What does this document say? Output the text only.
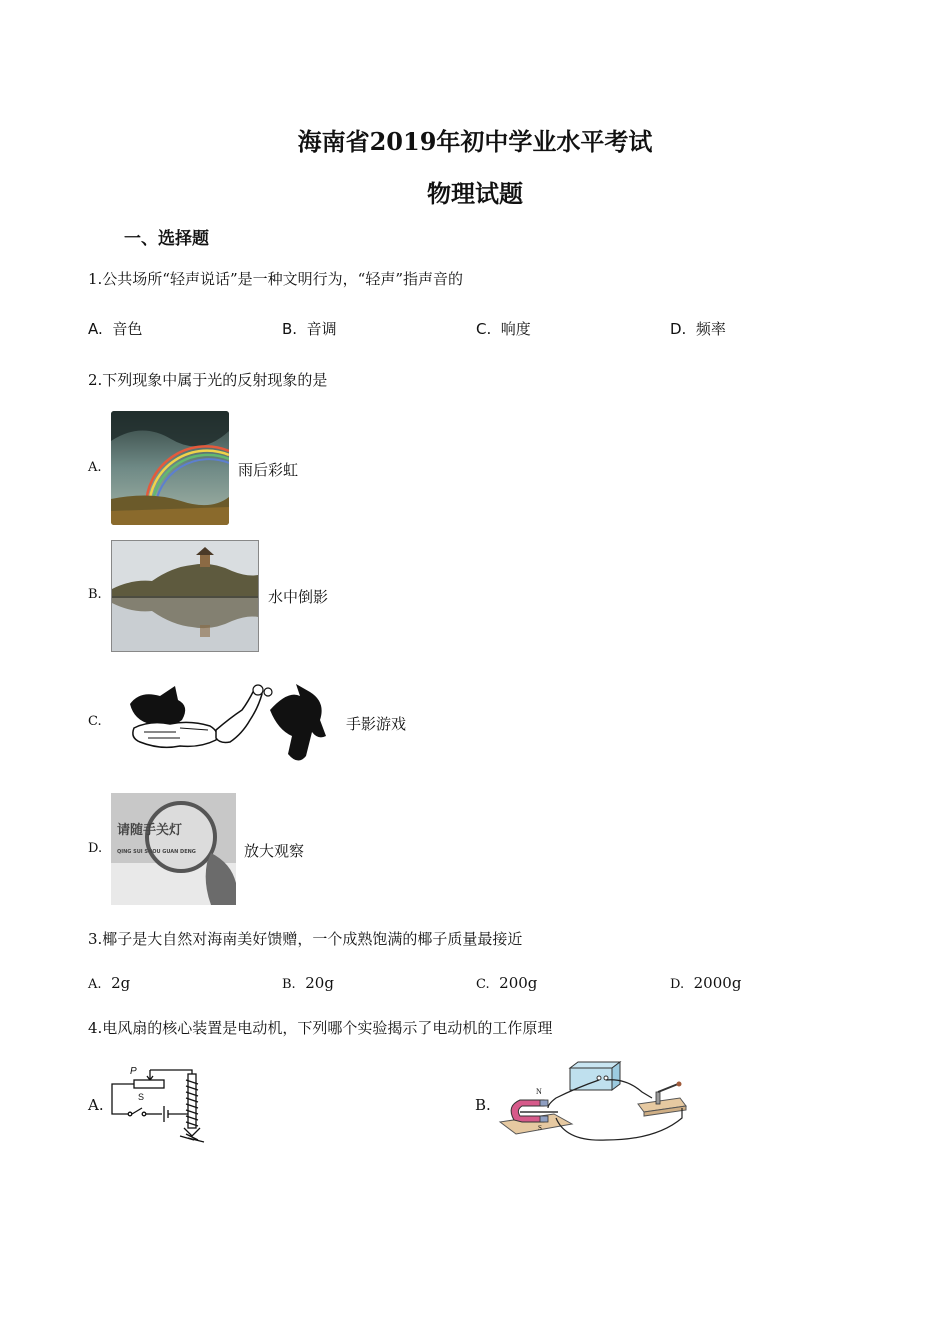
海南省2019年初中学业水平考试
物理试题
一、选择题
1.公共场所“轻声说话”是一种文明行为，“轻声”指声音的
A. 音色	B. 音调	C. 响度	D. 频率
2.下列现象中属于光的反射现象的是
A.	雨后彩虹
B.	水中倒影
C.	手影游戏
D.
请随手关灯
QING SUI SHOU GUAN DENG	放大观察
3.椰子是大自然对海南美好馈赠，一个成熟饱满的椰子质量最接近
A. 2g	B. 20g	C. 200g	D. 2000g
4.电风扇的核心装置是电动机，下列哪个实验揭示了电动机的工作原理
A.
P
S	B.
N
S
